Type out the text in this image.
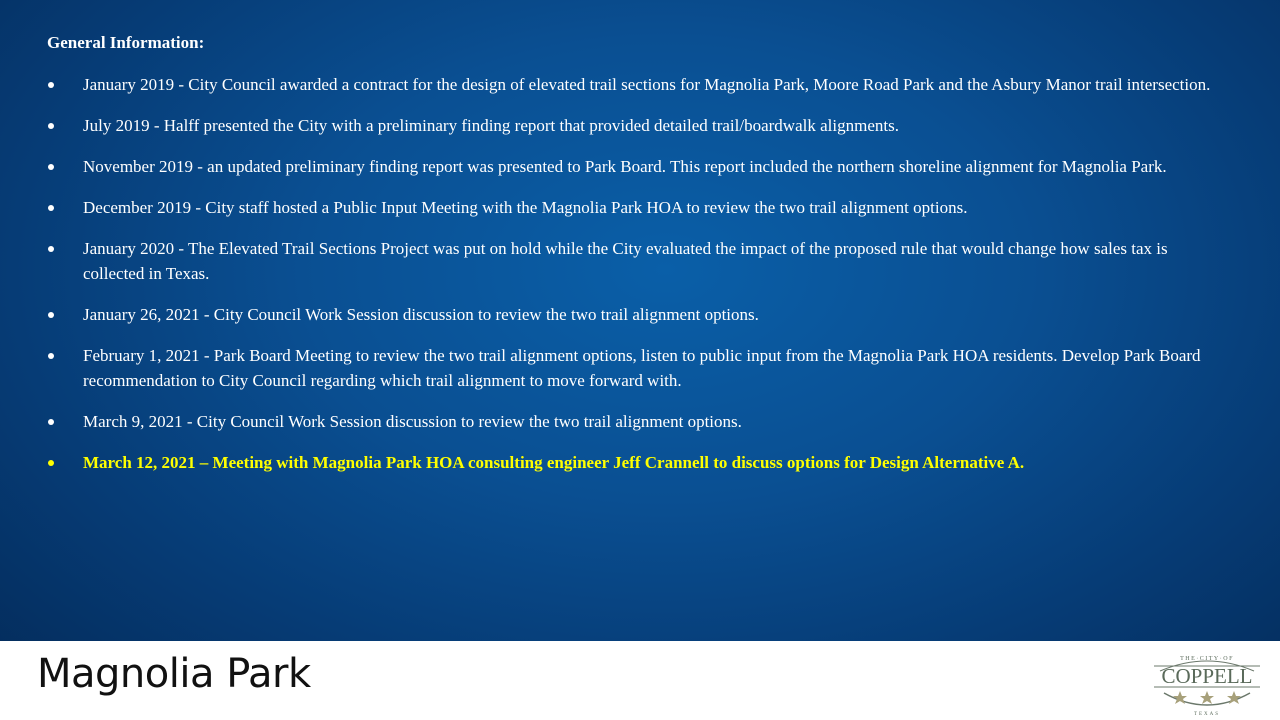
General Information:
January 2019 - City Council awarded a contract for the design of elevated trail sections for Magnolia Park, Moore Road Park and the Asbury Manor trail intersection.
July 2019 - Halff presented the City with a preliminary finding report that provided detailed trail/boardwalk alignments.
November 2019 - an updated preliminary finding report was presented to Park Board. This report included the northern shoreline alignment for Magnolia Park.
December 2019 - City staff hosted a Public Input Meeting with the Magnolia Park HOA to review the two trail alignment options.
January 2020 - The Elevated Trail Sections Project was put on hold while the City evaluated the impact of the proposed rule that would change how sales tax is collected in Texas.
January 26, 2021 - City Council Work Session discussion to review the two trail alignment options.
February 1, 2021 - Park Board Meeting to review the two trail alignment options, listen to public input from the Magnolia Park HOA residents. Develop Park Board recommendation to City Council regarding which trail alignment to move forward with.
March 9, 2021 - City Council Work Session discussion to review the two trail alignment options.
March 12, 2021 – Meeting with Magnolia Park HOA consulting engineer Jeff Crannell to discuss options for Design Alternative A.
Magnolia Park	THE·CITY·OF
COPPELL
TEXAS
